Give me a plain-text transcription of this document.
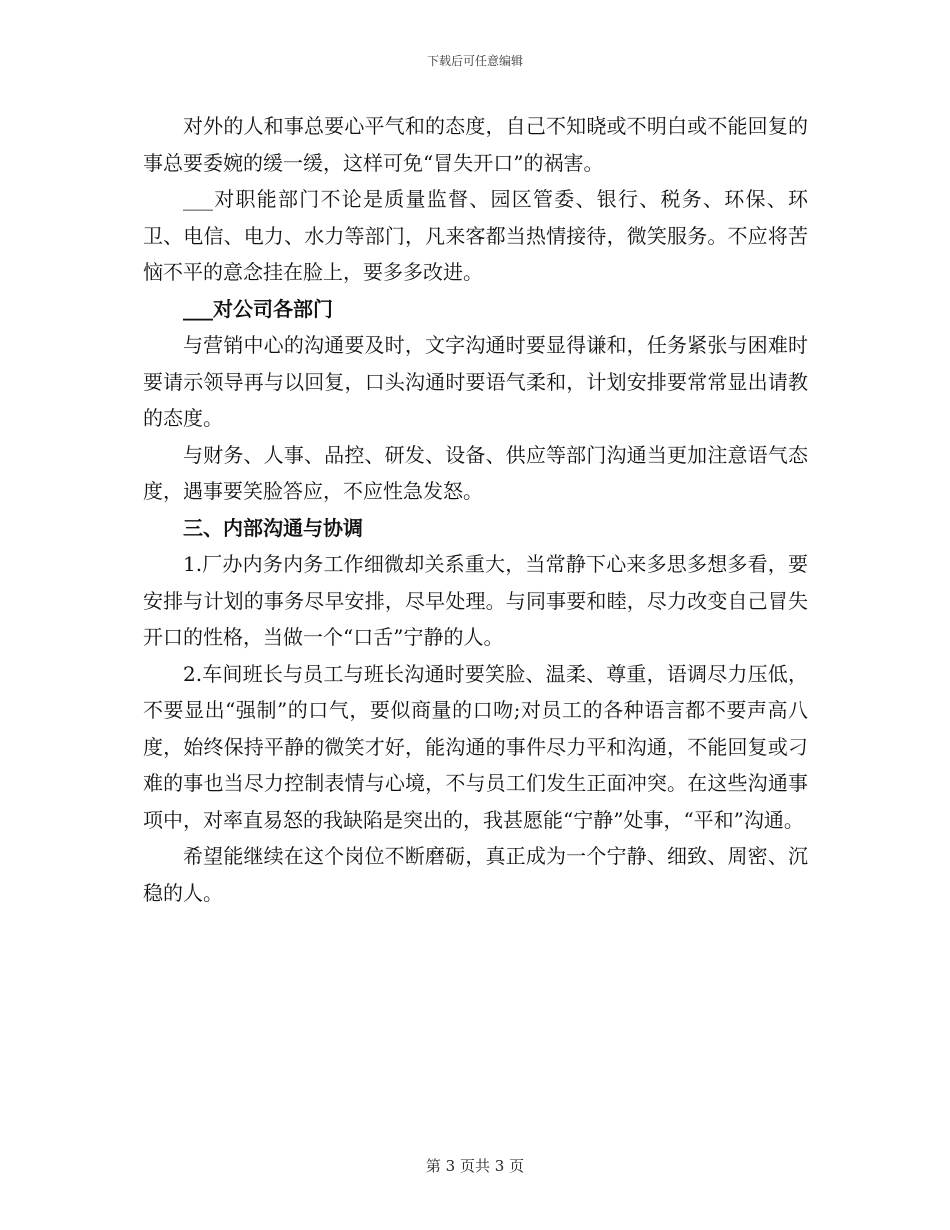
下载后可任意编辑

对外的人和事总要心平气和的态度，自己不知晓或不明白或不能回复的事总要委婉的缓一缓，这样可免“冒失开口”的祸害。

___对职能部门不论是质量监督、园区管委、银行、税务、环保、环卫、电信、电力、水力等部门，凡来客都当热情接待，微笑服务。不应将苦恼不平的意念挂在脸上，要多多改进。

___对公司各部门

与营销中心的沟通要及时，文字沟通时要显得谦和，任务紧张与困难时要请示领导再与以回复，口头沟通时要语气柔和，计划安排要常常显出请教的态度。

与财务、人事、品控、研发、设备、供应等部门沟通当更加注意语气态度，遇事要笑脸答应，不应性急发怒。

三、内部沟通与协调

1.厂办内务内务工作细微却关系重大，当常静下心来多思多想多看，要安排与计划的事务尽早安排，尽早处理。与同事要和睦，尽力改变自己冒失开口的性格，当做一个“口舌”宁静的人。

2.车间班长与员工与班长沟通时要笑脸、温柔、尊重，语调尽力压低，不要显出“强制”的口气，要似商量的口吻;对员工的各种语言都不要声高八度，始终保持平静的微笑才好，能沟通的事件尽力平和沟通，不能回复或刁难的事也当尽力控制表情与心境，不与员工们发生正面冲突。在这些沟通事项中，对率直易怒的我缺陷是突出的，我甚愿能“宁静”处事，“平和”沟通。

希望能继续在这个岗位不断磨砺，真正成为一个宁静、细致、周密、沉稳的人。

第 3 页共 3 页
